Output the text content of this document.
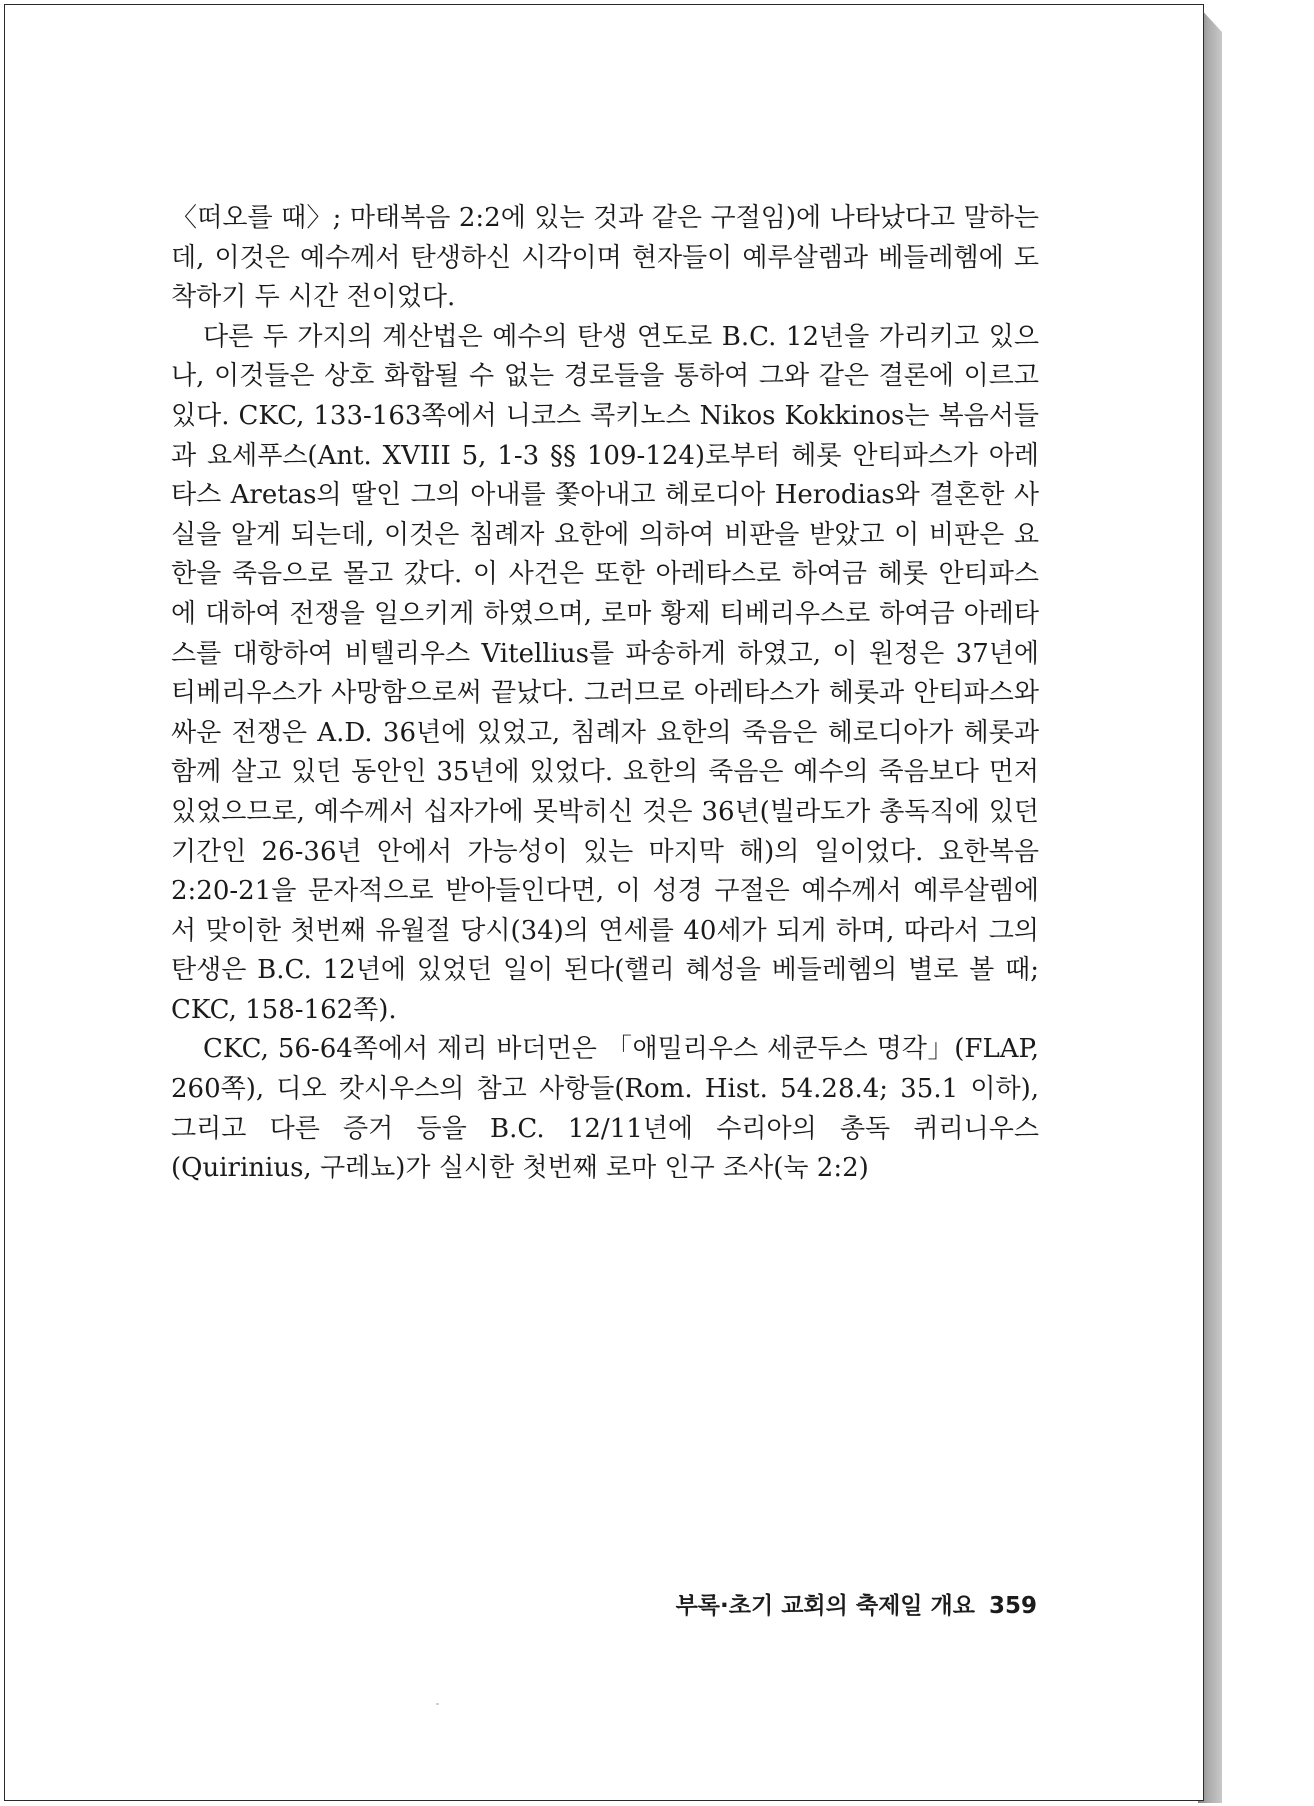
〈떠오를 때〉; 마태복음 2:2에 있는 것과 같은 구절임)에 나타났다고 말하는데, 이것은 예수께서 탄생하신 시각이며 현자들이 예루살렘과 베들레헴에 도착하기 두 시간 전이었다.

다른 두 가지의 계산법은 예수의 탄생 연도로 B.C. 12년을 가리키고 있으나, 이것들은 상호 화합될 수 없는 경로들을 통하여 그와 같은 결론에 이르고 있다. CKC, 133-163쪽에서 니코스 콕키노스 Nikos Kokkinos는 복음서들과 요세푸스(Ant. XVIII 5, 1-3 §§ 109-124)로부터 헤롯 안티파스가 아레타스 Aretas의 딸인 그의 아내를 쫓아내고 헤로디아 Herodias와 결혼한 사실을 알게 되는데, 이것은 침례자 요한에 의하여 비판을 받았고 이 비판은 요한을 죽음으로 몰고 갔다. 이 사건은 또한 아레타스로 하여금 헤롯 안티파스에 대하여 전쟁을 일으키게 하였으며, 로마 황제 티베리우스로 하여금 아레타스를 대항하여 비텔리우스 Vitellius를 파송하게 하였고, 이 원정은 37년에 티베리우스가 사망함으로써 끝났다. 그러므로 아레타스가 헤롯과 안티파스와 싸운 전쟁은 A.D. 36년에 있었고, 침례자 요한의 죽음은 헤로디아가 헤롯과 함께 살고 있던 동안인 35년에 있었다. 요한의 죽음은 예수의 죽음보다 먼저 있었으므로, 예수께서 십자가에 못박히신 것은 36년(빌라도가 총독직에 있던 기간인 26-36년 안에서 가능성이 있는 마지막 해)의 일이었다. 요한복음 2:20-21을 문자적으로 받아들인다면, 이 성경 구절은 예수께서 예루살렘에서 맞이한 첫번째 유월절 당시(34)의 연세를 40세가 되게 하며, 따라서 그의 탄생은 B.C. 12년에 있었던 일이 된다(핼리 혜성을 베들레헴의 별로 볼 때; CKC, 158-162쪽).

CKC, 56-64쪽에서 제리 바더먼은 「애밀리우스 세쿤두스 명각」(FLAP, 260쪽), 디오 캇시우스의 참고 사항들(Rom. Hist. 54.28.4; 35.1 이하), 그리고 다른 증거 등을 B.C. 12/11년에 수리아의 총독 퀴리니우스(Quirinius, 구레뇨)가 실시한 첫번째 로마 인구 조사(눅 2:2)

부록·초기 교회의 축제일 개요 359
